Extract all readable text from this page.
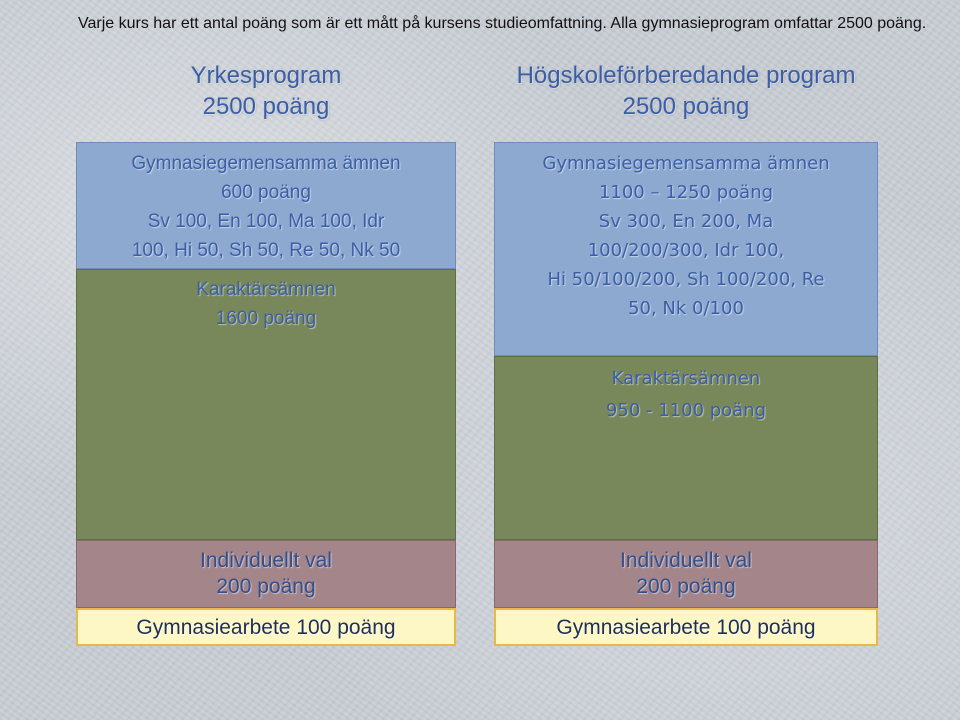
Varje kurs har ett antal poäng som är ett mått på kursens studieomfattning. Alla gymnasieprogram omfattar 2500 poäng.
Yrkesprogram
2500 poäng
Gymnasiegemensamma ämnen
600 poäng
Sv 100, En 100, Ma 100, Idr
100, Hi 50, Sh 50, Re 50, Nk 50
Karaktärsämnen
1600 poäng
Individuellt val
200 poäng
Gymnasiearbete 100 poäng
Högskoleförberedande program
2500 poäng
Gymnasiegemensamma ämnen
1100 – 1250 poäng
Sv 300, En 200, Ma
100/200/300, Idr 100,
Hi 50/100/200, Sh 100/200, Re
50, Nk 0/100
Karaktärsämnen
950 - 1100 poäng
Individuellt val
200 poäng
Gymnasiearbete 100 poäng
